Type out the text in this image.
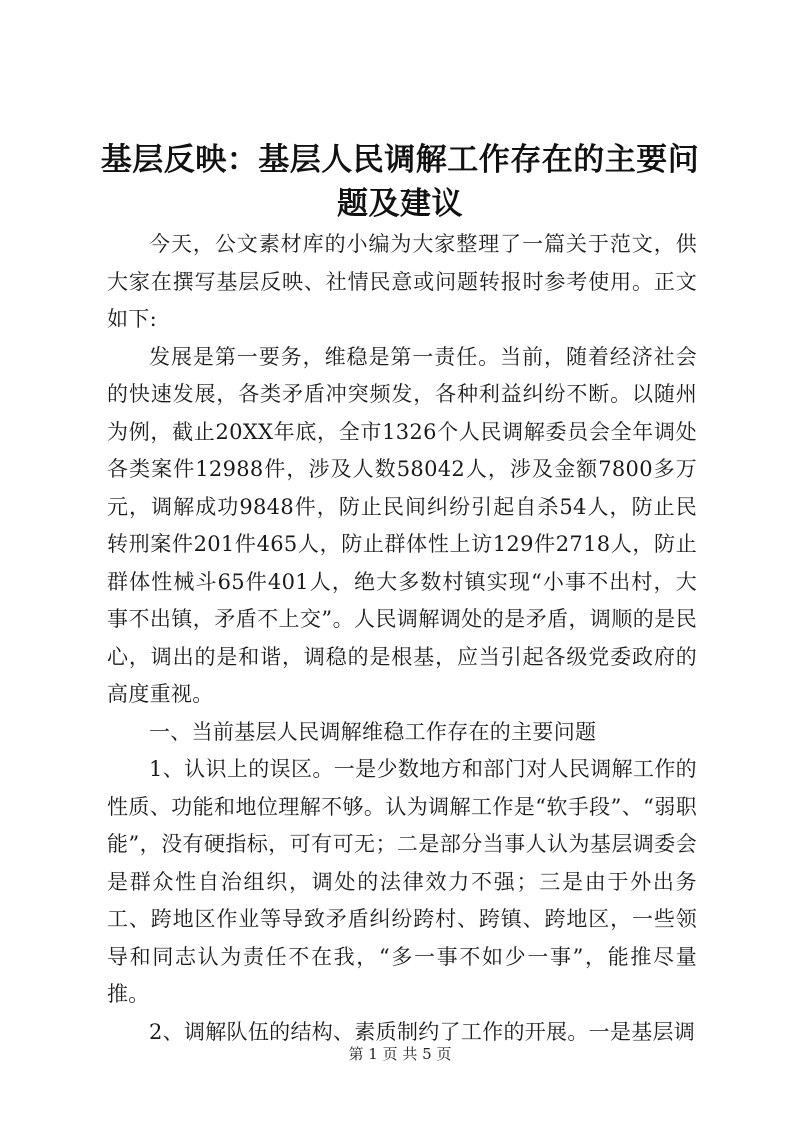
基层反映：基层人民调解工作存在的主要问题及建议

今天，公文素材库的小编为大家整理了一篇关于范文，供大家在撰写基层反映、社情民意或问题转报时参考使用。正文如下:

发展是第一要务，维稳是第一责任。当前，随着经济社会的快速发展，各类矛盾冲突频发，各种利益纠纷不断。以随州为例，截止20XX年底，全市1326个人民调解委员会全年调处各类案件12988件，涉及人数58042人，涉及金额7800多万元，调解成功9848件，防止民间纠纷引起自杀54人，防止民转刑案件201件465人，防止群体性上访129件2718人，防止群体性械斗65件401人，绝大多数村镇实现“小事不出村，大事不出镇，矛盾不上交”。人民调解调处的是矛盾，调顺的是民心，调出的是和谐，调稳的是根基，应当引起各级党委政府的高度重视。

一、当前基层人民调解维稳工作存在的主要问题

1、认识上的误区。一是少数地方和部门对人民调解工作的性质、功能和地位理解不够。认为调解工作是“软手段”、“弱职能”，没有硬指标，可有可无；二是部分当事人认为基层调委会是群众性自治组织，调处的法律效力不强；三是由于外出务工、跨地区作业等导致矛盾纠纷跨村、跨镇、跨地区，一些领导和同志认为责任不在我，“多一事不如少一事”，能推尽量推。

2、调解队伍的结构、素质制约了工作的开展。一是基层调

第 1 页 共 5 页
